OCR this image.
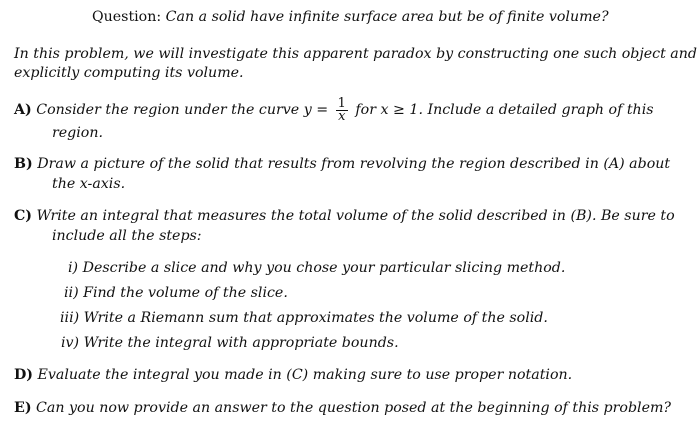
Question: Can a solid have infinite surface area but be of finite volume?
In this problem, we will investigate this apparent paradox by constructing one such object and
explicitly computing its volume.
A) Consider the region under the curve $y = \frac{1}{x}$ for x ≥ 1. Include a detailed graph of this
region.
B) Draw a picture of the solid that results from revolving the region described in (A) about
the x-axis.
C) Write an integral that measures the total volume of the solid described in (B). Be sure to
include all the steps:
i) Describe a slice and why you chose your particular slicing method.
ii) Find the volume of the slice.
iii) Write a Riemann sum that approximates the volume of the solid.
iv) Write the integral with appropriate bounds.
D) Evaluate the integral you made in (C) making sure to use proper notation.
E) Can you now provide an answer to the question posed at the beginning of this problem?
